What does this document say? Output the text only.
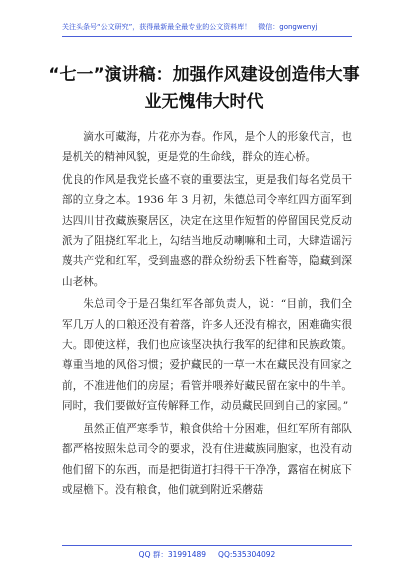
关注头条号“公文研究”，获得最新最全最专业的公文资料库！　微信：gongwenyj
“七一”演讲稿：加强作风建设创造伟大事
业无愧伟大时代

滴水可藏海，片花亦为春。作风，是个人的形象代言，也是机关的精神风貌，更是党的生命线，群众的连心桥。

优良的作风是我党长盛不衰的重要法宝，更是我们每名党员干部的立身之本。1936 年 3 月初，朱德总司令率红四方面军到达四川甘孜藏族聚居区，决定在这里作短暂的停留国民党反动派为了阻挠红军北上，勾结当地反动喇嘛和土司，大肆造谣污蔑共产党和红军，受到蛊惑的群众纷纷丢下牲畜等，隐藏到深山老林。

朱总司令于是召集红军各部负责人，说：“目前，我们全军几万人的口粮还没有着落，许多人还没有棉衣，困难确实很大。即使这样，我们也应该坚决执行我军的纪律和民族政策。尊重当地的风俗习惯；爱护藏民的一草一木在藏民没有回家之前，不准进他们的房屋；看管并喂养好藏民留在家中的牛羊。同时，我们要做好宣传解释工作，动员藏民回到自己的家园。”

虽然正值严寒季节，粮食供给十分困难，但红军所有部队都严格按照朱总司令的要求，没有住进藏族同胞家，也没有动他们留下的东西，而是把街道打扫得干干净净，露宿在树底下或屋檐下。没有粮食，他们就到附近采蘑菇

QQ 群：31991489 QQ:535304092
